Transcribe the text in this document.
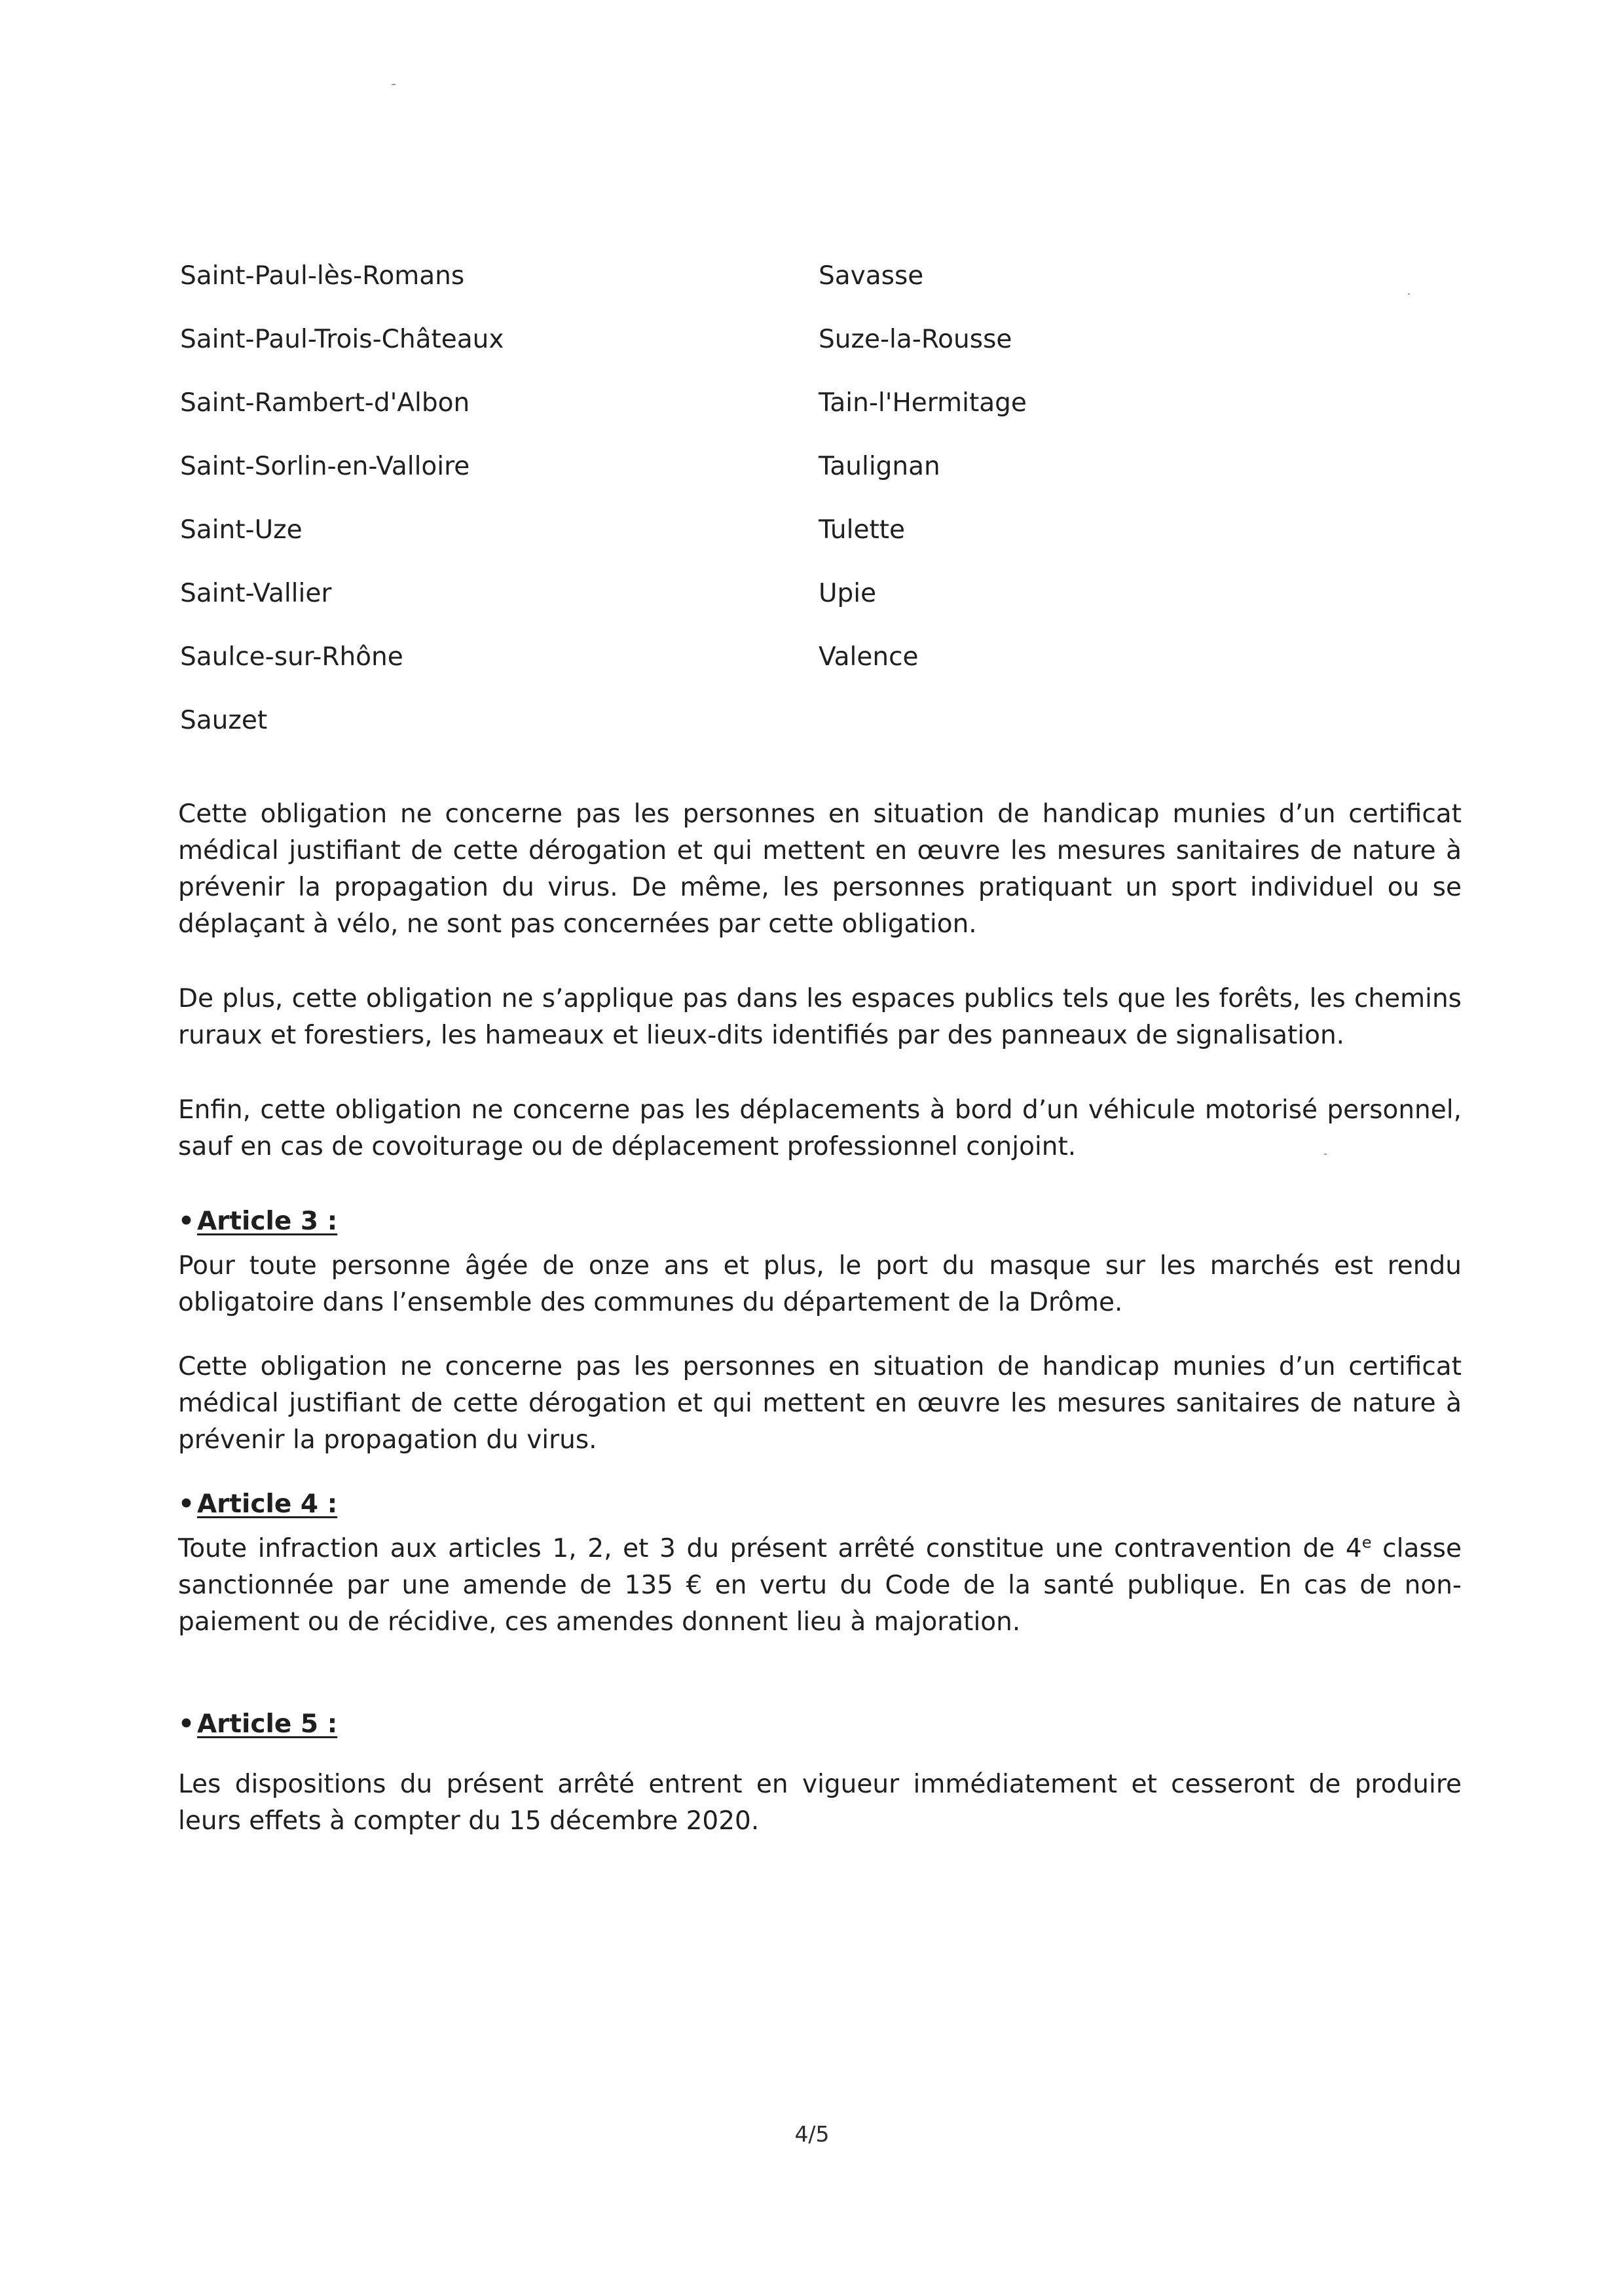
Saint-Paul-lès-Romans
Saint-Paul-Trois-Châteaux
Saint-Rambert-d'Albon
Saint-Sorlin-en-Valloire
Saint-Uze
Saint-Vallier
Saulce-sur-Rhône
Sauzet
Savasse
Suze-la-Rousse
Tain-l'Hermitage
Taulignan
Tulette
Upie
Valence

Cette obligation ne concerne pas les personnes en situation de handicap munies d’un certificat médical justifiant de cette dérogation et qui mettent en œuvre les mesures sanitaires de nature à prévenir la propagation du virus. De même, les personnes pratiquant un sport individuel ou se déplaçant à vélo, ne sont pas concernées par cette obligation.

De plus, cette obligation ne s’applique pas dans les espaces publics tels que les forêts, les chemins ruraux et forestiers, les hameaux et lieux-dits identifiés par des panneaux de signalisation.

Enfin, cette obligation ne concerne pas les déplacements à bord d’un véhicule motorisé personnel, sauf en cas de covoiturage ou de déplacement professionnel conjoint.

• Article 3 :

Pour toute personne âgée de onze ans et plus, le port du masque sur les marchés est rendu obligatoire dans l’ensemble des communes du département de la Drôme.

Cette obligation ne concerne pas les personnes en situation de handicap munies d’un certificat médical justifiant de cette dérogation et qui mettent en œuvre les mesures sanitaires de nature à prévenir la propagation du virus.

• Article 4 :

Toute infraction aux articles 1, 2, et 3 du présent arrêté constitue une contravention de 4e classe sanctionnée par une amende de 135 € en vertu du Code de la santé publique. En cas de non-paiement ou de récidive, ces amendes donnent lieu à majoration.

• Article 5 :

Les dispositions du présent arrêté entrent en vigueur immédiatement et cesseront de produire leurs effets à compter du 15 décembre 2020.

4/5
